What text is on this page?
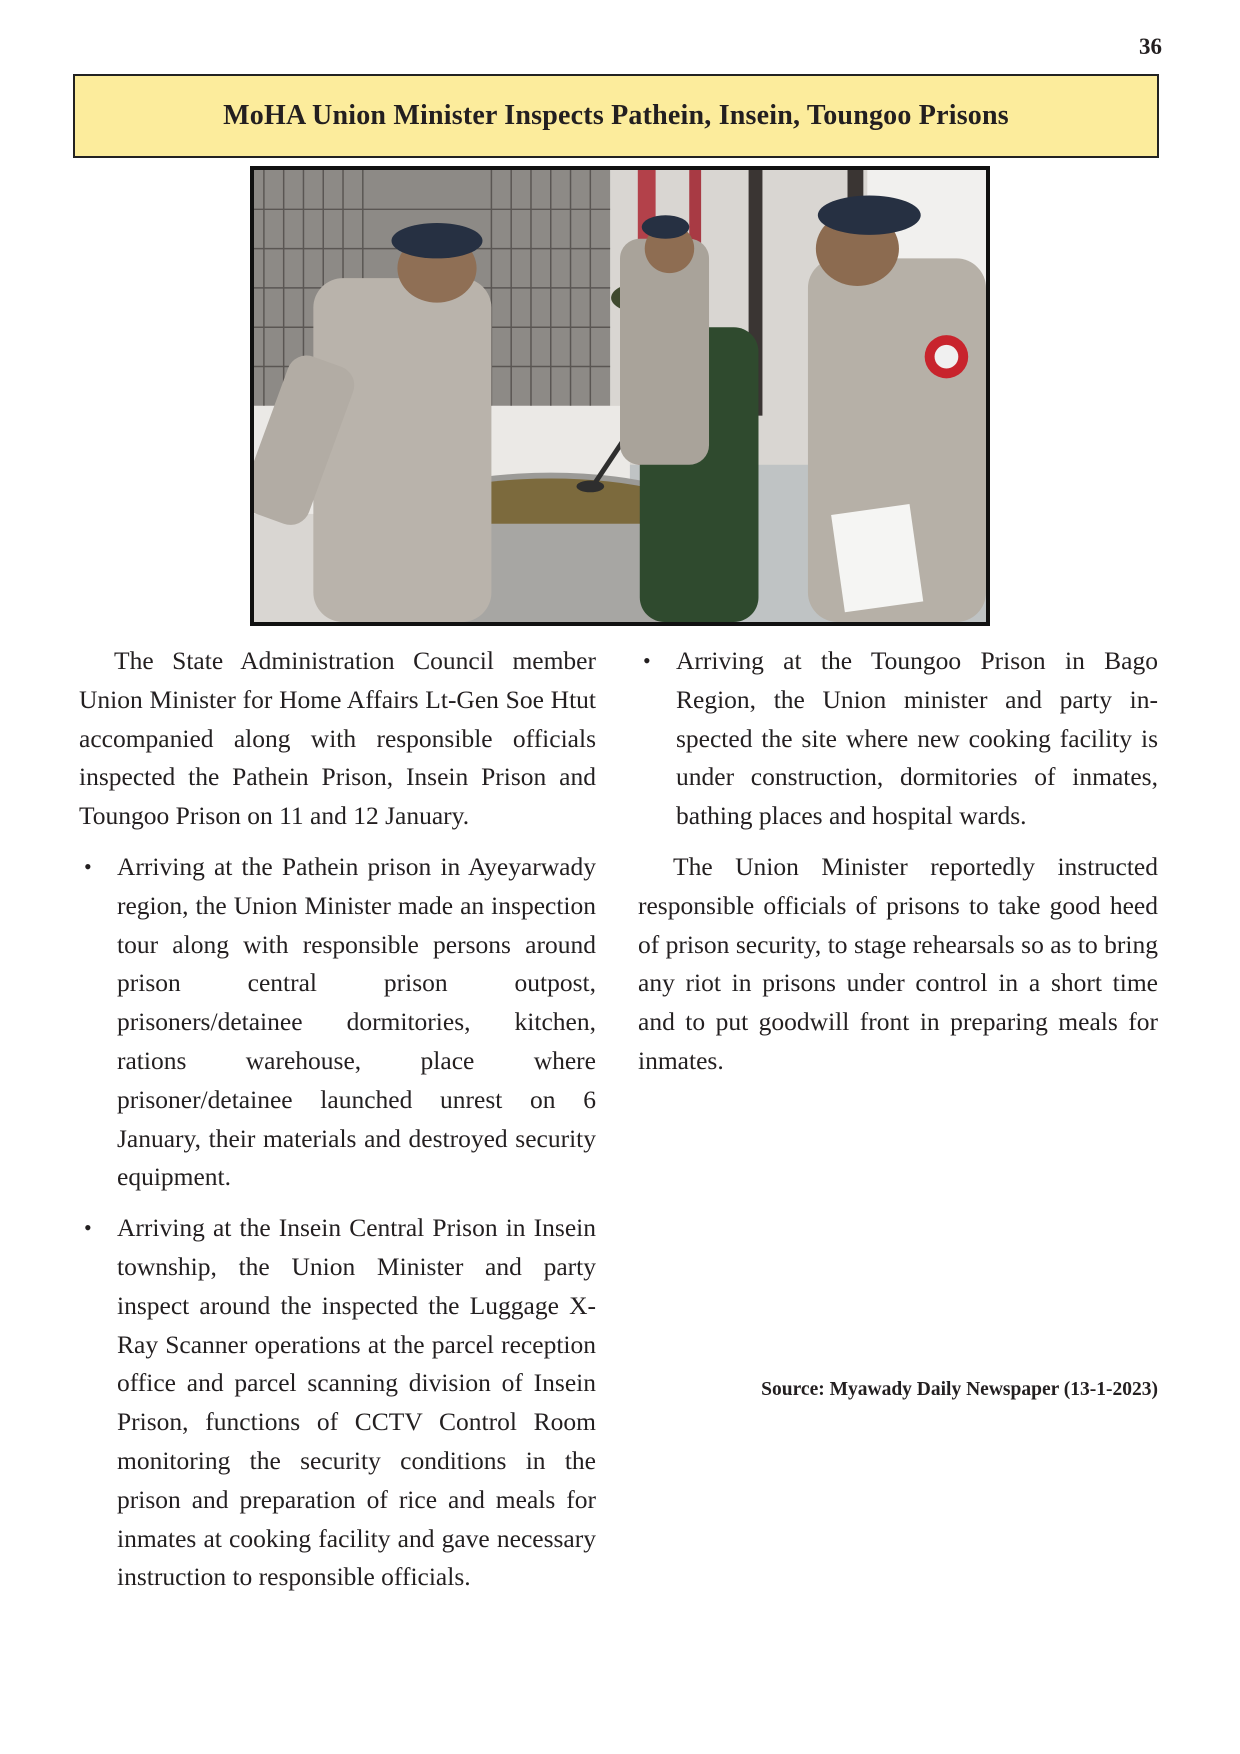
36
MoHA Union Minister Inspects Pathein, Insein, Toungoo Prisons

The State Administration Council member Union Minister for Home Affairs Lt-Gen Soe Htut accompanied along with responsible officials inspected the Pathein Prison, Insein Prison and Toungoo Prison on 11 and 12 January.

• Arriving at the Pathein prison in Ayeyarwady region, the Union Minister made an inspection tour along with responsible persons around prison central prison outpost, prisoners/detainee dormitories, kitchen, rations warehouse, place where prisoner/detainee launched unrest on 6 January, their materials and destroyed security equipment.
• Arriving at the Insein Central Prison in Insein township, the Union Minister and party inspect around the inspected the Luggage X-Ray Scanner operations at the parcel reception office and parcel scanning division of Insein Prison, functions of CCTV Control Room monitoring the security conditions in the prison and preparation of rice and meals for inmates at cooking facility and gave necessary instruction to responsible officials.
• Arriving at the Toungoo Prison in Bago Region, the Union minister and party inspected the site where new cooking facility is under construction, dormitories of inmates, bathing places and hospital wards.

The Union Minister reportedly instructed responsible officials of prisons to take good heed of prison security, to stage rehearsals so as to bring any riot in prisons under control in a short time and to put goodwill front in preparing meals for inmates.

Source: Myawady Daily Newspaper (13-1-2023)
